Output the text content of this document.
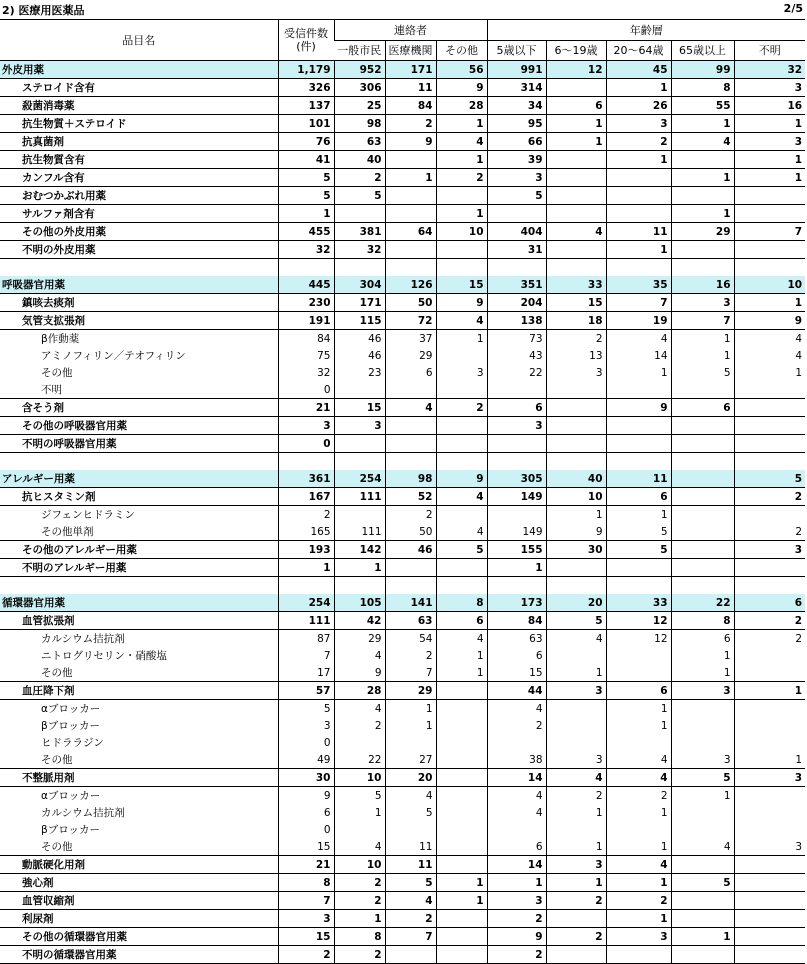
2) 医療用医薬品	2/5
品目名	受信件数
(件)	連絡者			年齢層				
		一般市民	医療機関	その他	5歳以下	6～19歳	20～64歳	65歳以上	不明
外皮用薬	1,179	952	171	56	991	12	45	99	32
ステロイド含有	326	306	11	9	314		1	8	3
殺菌消毒薬	137	25	84	28	34	6	26	55	16
抗生物質＋ステロイド	101	98	2	1	95	1	3	1	1
抗真菌剤	76	63	9	4	66	1	2	4	3
抗生物質含有	41	40		1	39		1		1
カンフル含有	5	2	1	2	3			1	1
おむつかぶれ用薬	5	5			5				
サルファ剤含有	1			1				1	
その他の外皮用薬	455	381	64	10	404	4	11	29	7
不明の外皮用薬	32	32			31		1		

呼吸器官用薬	445	304	126	15	351	33	35	16	10
鎮咳去痰剤	230	171	50	9	204	15	7	3	1
気管支拡張剤	191	115	72	4	138	18	19	7	9
β作動薬	84	46	37	1	73	2	4	1	4
アミノフィリン／テオフィリン	75	46	29		43	13	14	1	4
その他	32	23	6	3	22	3	1	5	1
不明	0								
含そう剤	21	15	4	2	6		9	6	
その他の呼吸器官用薬	3	3			3				
不明の呼吸器官用薬	0								

アレルギー用薬	361	254	98	9	305	40	11		5
抗ヒスタミン剤	167	111	52	4	149	10	6		2
ジフェンヒドラミン	2		2			1	1		
その他単剤	165	111	50	4	149	9	5		2
その他のアレルギー用薬	193	142	46	5	155	30	5		3
不明のアレルギー用薬	1	1			1				

循環器官用薬	254	105	141	8	173	20	33	22	6
血管拡張剤	111	42	63	6	84	5	12	8	2
カルシウム拮抗剤	87	29	54	4	63	4	12	6	2
ニトログリセリン・硝酸塩	7	4	2	1	6			1	
その他	17	9	7	1	15	1		1	
血圧降下剤	57	28	29		44	3	6	3	1
αブロッカー	5	4	1		4		1		
βブロッカー	3	2	1		2		1		
ヒドララジン	0								
その他	49	22	27		38	3	4	3	1
不整脈用剤	30	10	20		14	4	4	5	3
αブロッカー	9	5	4		4	2	2	1	
カルシウム拮抗剤	6	1	5		4	1	1		
βブロッカー	0								
その他	15	4	11		6	1	1	4	3
動脈硬化用剤	21	10	11		14	3	4		
強心剤	8	2	5	1	1	1	1	5	
血管収縮剤	7	2	4	1	3	2	2		
利尿剤	3	1	2		2		1		
その他の循環器官用薬	15	8	7		9	2	3	1	
不明の循環器官用薬	2	2			2				
